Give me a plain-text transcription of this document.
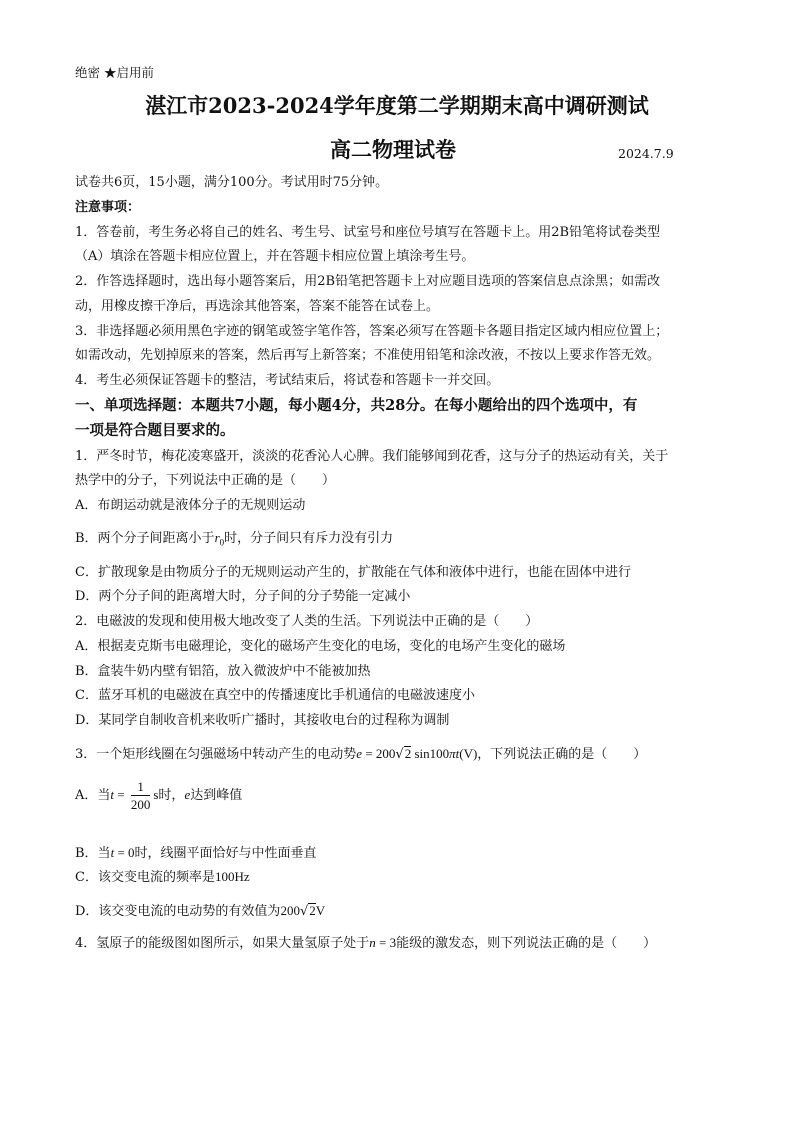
绝密 ★启用前
湛江市2023-2024学年度第二学期期末高中调研测试
高二物理试卷	2024.7.9
试卷共6页，15小题，满分100分。考试用时75分钟。
注意事项：
1．答卷前，考生务必将自己的姓名、考生号、试室号和座位号填写在答题卡上。用2B铅笔将试卷类型
（A）填涂在答题卡相应位置上，并在答题卡相应位置上填涂考生号。
2．作答选择题时，选出每小题答案后，用2B铅笔把答题卡上对应题目选项的答案信息点涂黑；如需改
动，用橡皮擦干净后，再选涂其他答案，答案不能答在试卷上。
3．非选择题必须用黑色字迹的钢笔或签字笔作答，答案必须写在答题卡各题目指定区域内相应位置上；
如需改动，先划掉原来的答案，然后再写上新答案；不准使用铅笔和涂改液，不按以上要求作答无效。
4．考生必须保证答题卡的整洁，考试结束后，将试卷和答题卡一并交回。
一、单项选择题：本题共7小题，每小题4分，共28分。在每小题给出的四个选项中，有
一项是符合题目要求的。
1．严冬时节，梅花凌寒盛开，淡淡的花香沁人心脾。我们能够闻到花香，这与分子的热运动有关，关于
热学中的分子，下列说法中正确的是（　　）
A．布朗运动就是液体分子的无规则运动
B．两个分子间距离小于$r_0$时，分子间只有斥力没有引力
C．扩散现象是由物质分子的无规则运动产生的，扩散能在气体和液体中进行，也能在固体中进行
D．两个分子间的距离增大时，分子间的分子势能一定减小
2．电磁波的发现和使用极大地改变了人类的生活。下列说法中正确的是（　　）
A．根据麦克斯韦电磁理论，变化的磁场产生变化的电场，变化的电场产生变化的磁场
B．盒装牛奶内壁有铝箔，放入微波炉中不能被加热
C．蓝牙耳机的电磁波在真空中的传播速度比手机通信的电磁波速度小
D．某同学自制收音机来收听广播时，其接收电台的过程称为调制
3．一个矩形线圈在匀强磁场中转动产生的电动势e = 200√2 sin100πt(V)，下列说法正确的是（　　）
A．当$t = \frac{1}{200}$ s时，e达到峰值
B．当t = 0时，线圈平面恰好与中性面垂直
C．该交变电流的频率是100Hz
D．该交变电流的电动势的有效值为200√2V
4．氢原子的能级图如图所示，如果大量氢原子处于n = 3能级的激发态，则下列说法正确的是（　　）
